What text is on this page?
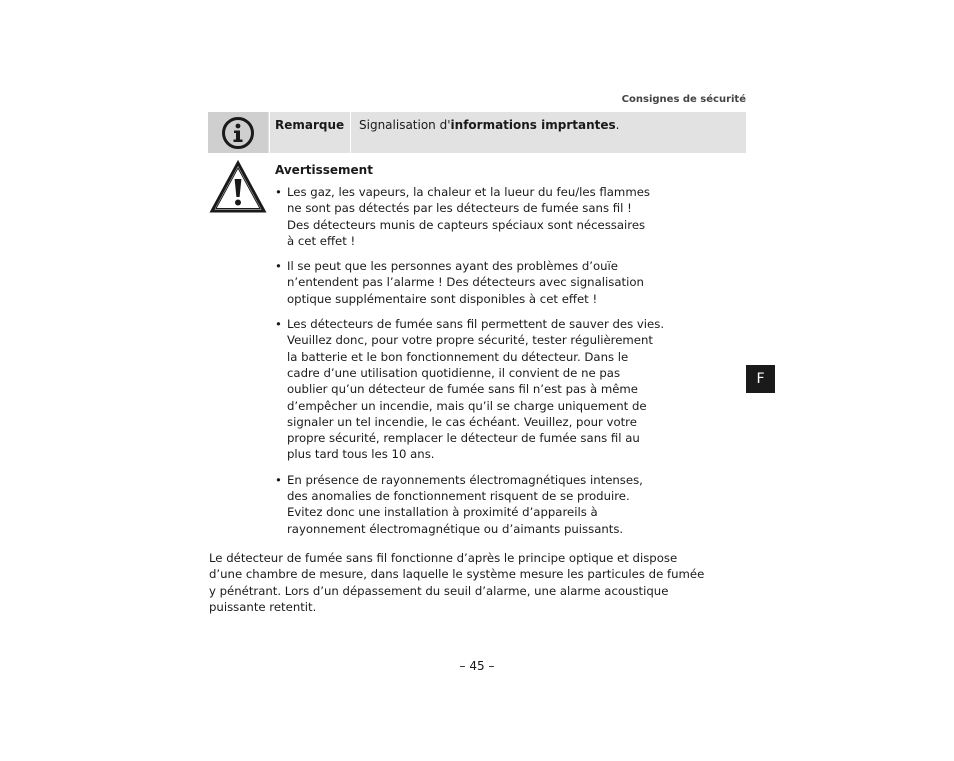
Consignes de sécurité
Remarque Signalisation d'informations imprtantes.
Avertissement
• Les gaz, les vapeurs, la chaleur et la lueur du feu/les flammes
ne sont pas détectés par les détecteurs de fumée sans fil !
Des détecteurs munis de capteurs spéciaux sont nécessaires
à cet effet !
• Il se peut que les personnes ayant des problèmes d’ouïe
n’entendent pas l’alarme ! Des détecteurs avec signalisation
optique supplémentaire sont disponibles à cet effet !
• Les détecteurs de fumée sans fil permettent de sauver des vies.
Veuillez donc, pour votre propre sécurité, tester régulièrement
la batterie et le bon fonctionnement du détecteur. Dans le
cadre d’une utilisation quotidienne, il convient de ne pas
oublier qu’un détecteur de fumée sans fil n’est pas à même
d’empêcher un incendie, mais qu’il se charge uniquement de
signaler un tel incendie, le cas échéant. Veuillez, pour votre
propre sécurité, remplacer le détecteur de fumée sans fil au
plus tard tous les 10 ans.
• En présence de rayonnements électromagnétiques intenses,
des anomalies de fonctionnement risquent de se produire.
Evitez donc une installation à proximité d’appareils à
rayonnement électromagnétique ou d’aimants puissants.
Le détecteur de fumée sans fil fonctionne d’après le principe optique et dispose
d’une chambre de mesure, dans laquelle le système mesure les particules de fumée
y pénétrant. Lors d’un dépassement du seuil d’alarme, une alarme acoustique
puissante retentit.
– 45 –
F
